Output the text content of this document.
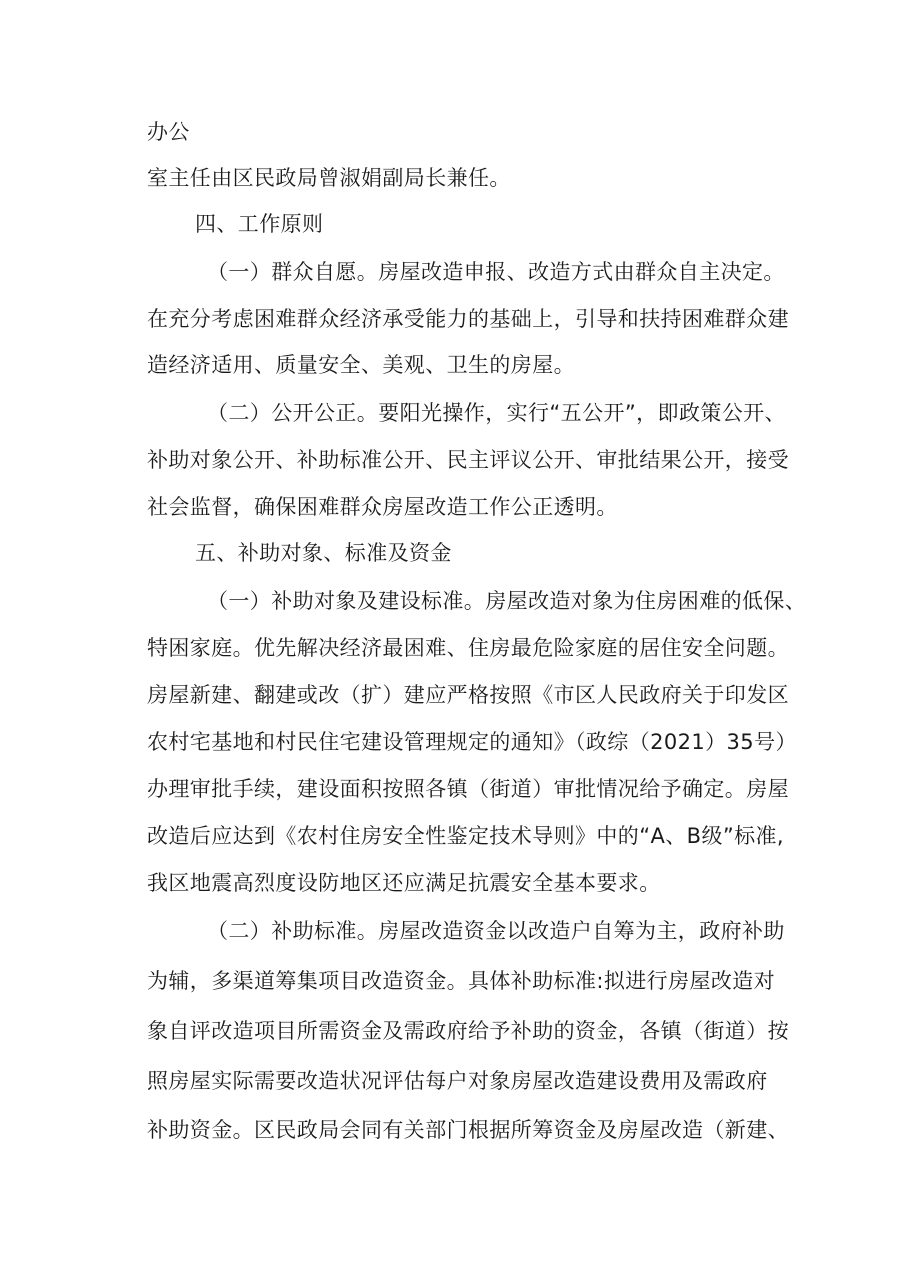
办公
室主任由区民政局曾淑娟副局长兼任。
四、工作原则
（一）群众自愿。房屋改造申报、改造方式由群众自主决定。
在充分考虑困难群众经济承受能力的基础上，引导和扶持困难群众建
造经济适用、质量安全、美观、卫生的房屋。
（二）公开公正。要阳光操作，实行“五公开”，即政策公开、
补助对象公开、补助标准公开、民主评议公开、审批结果公开，接受
社会监督，确保困难群众房屋改造工作公正透明。
五、补助对象、标准及资金
（一）补助对象及建设标准。房屋改造对象为住房困难的低保、
特困家庭。优先解决经济最困难、住房最危险家庭的居住安全问题。
房屋新建、翻建或改（扩）建应严格按照《市区人民政府关于印发区
农村宅基地和村民住宅建设管理规定的通知》（政综（2021）35号）
办理审批手续，建设面积按照各镇（街道）审批情况给予确定。房屋
改造后应达到《农村住房安全性鉴定技术导则》中的“A、B级”标准,
我区地震高烈度设防地区还应满足抗震安全基本要求。
（二）补助标准。房屋改造资金以改造户自筹为主，政府补助
为辅，多渠道筹集项目改造资金。具体补助标准:拟进行房屋改造对
象自评改造项目所需资金及需政府给予补助的资金，各镇（街道）按
照房屋实际需要改造状况评估每户对象房屋改造建设费用及需政府
补助资金。区民政局会同有关部门根据所筹资金及房屋改造（新建、
